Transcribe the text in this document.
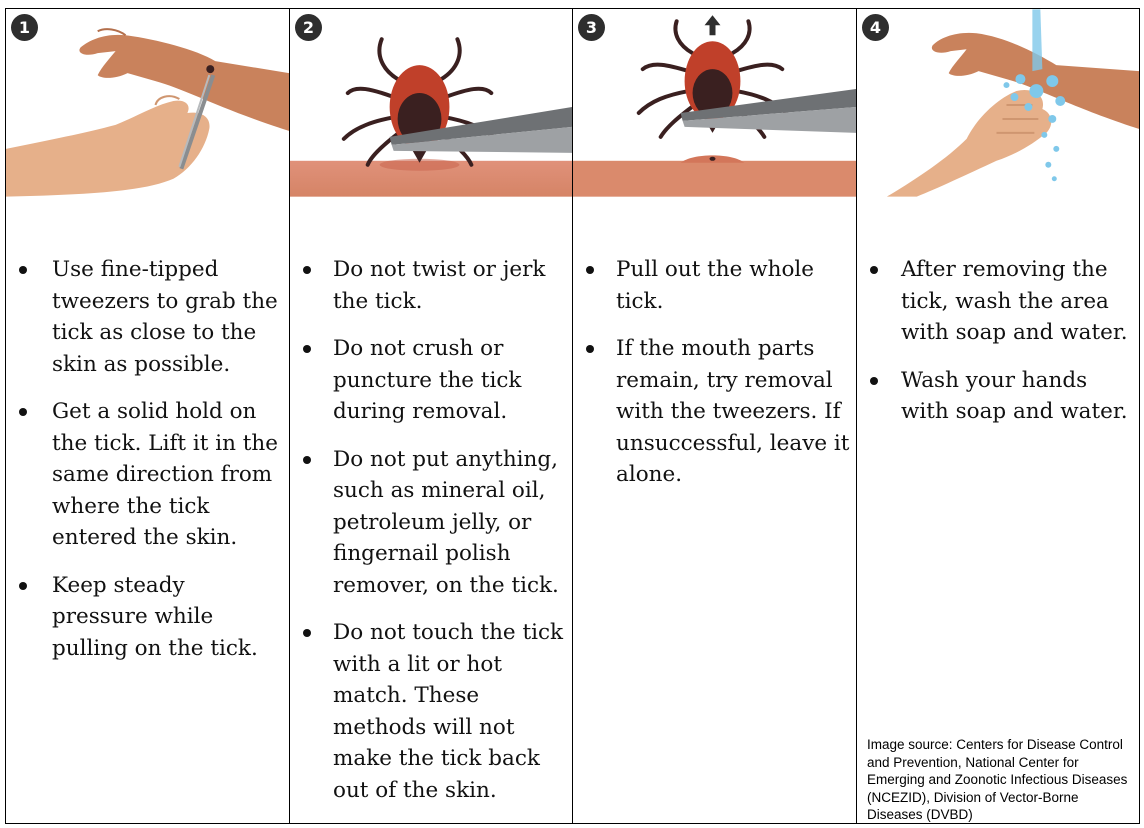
1
Use fine-tipped tweezers to grab the tick as close to the skin as possible.
Get a solid hold on the tick. Lift it in the same direction from where the tick entered the skin.
Keep steady pressure while pulling on the tick.
2
Do not twist or jerk the tick.
Do not crush or puncture the tick during removal.
Do not put anything, such as mineral oil, petroleum jelly, or fingernail polish remover, on the tick.
Do not touch the tick with a lit or hot match. These methods will not make the tick back out of the skin.
3
Pull out the whole tick.
If the mouth parts remain, try removal with the tweezers. If unsuccessful, leave it alone.
4
After removing the tick, wash the area with soap and water.
Wash your hands with soap and water.
Image source: Centers for Disease Control and Prevention, National Center for Emerging and Zoonotic Infectious Diseases (NCEZID), Division of Vector-Borne Diseases (DVBD)
